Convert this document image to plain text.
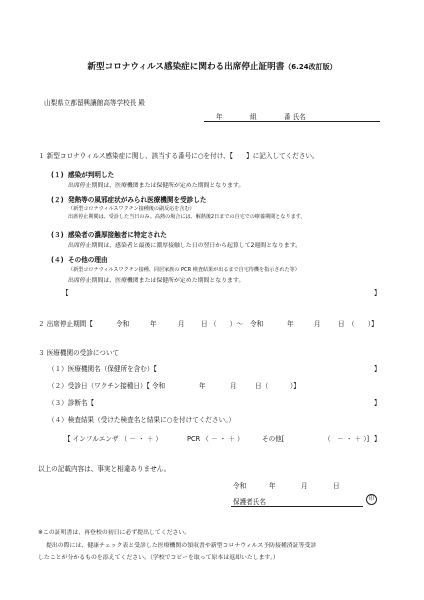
新型コロナウィルス感染症に関わる出席停止証明書（6.24改訂版）
山梨県立都留興讓館高等学校長 殿
年	組	番 氏名
１ 新型コロナウィルス感染症に関し、該当する番号に○を付け、【　　】に記入してください。
(１) 感染が判明した
出席停止期間は、医療機関または保健所が定めた期間となります。
(２) 発熱等の風邪症状がみられ医療機関を受診した
（新型コロナウィルスワクチン接種後の副反応を含む）
出席停止期間は、受診した当日のみ。高熱の場合には、解熱後2日までの自宅での療養期間となります。
(３) 感染者の濃厚接触者に特定された
出席停止期間は、感染者と最後に濃厚接触した日の翌日から起算して2週間となります。
(４) その他の理由
（新型コロナウィルスワクチン接種、同居家族の PCR 検査結果が出るまで自宅待機を指示された等）
出席停止期間は、医療機関または保健所が定めた期間となります。
【	】
２ 出席停止期間【	令和	年	月 日 （　　）～ 令和	年	月	日 （　　）】
３ 医療機関の受診について
（１）医療機関名（保健所を含む）【	】
（２）受診日（ワクチン接種日）【 令和	年	月	日（	）】
（３）診断名【	】
（４）検査結果（受けた検査名と結果に○を付けてください。）
【 インフルエンザ （ － ・ ＋ ）	PCR （ － ・ ＋ ）	その他[	（　－ ・ ＋ ）] 】
以上の記載内容は、事実と相違ありません。
令和	年	月	日
保護者氏名	印
※この証明書は、再登校の初日に必ず提出してください。
提出の際には、健康チェック表と受診した医療機関の領収書や新型コロナウィルス予防接種済証等受診
したことが分かるものを添えてください。（学校でコピーを取って原本は返却いたします。）
